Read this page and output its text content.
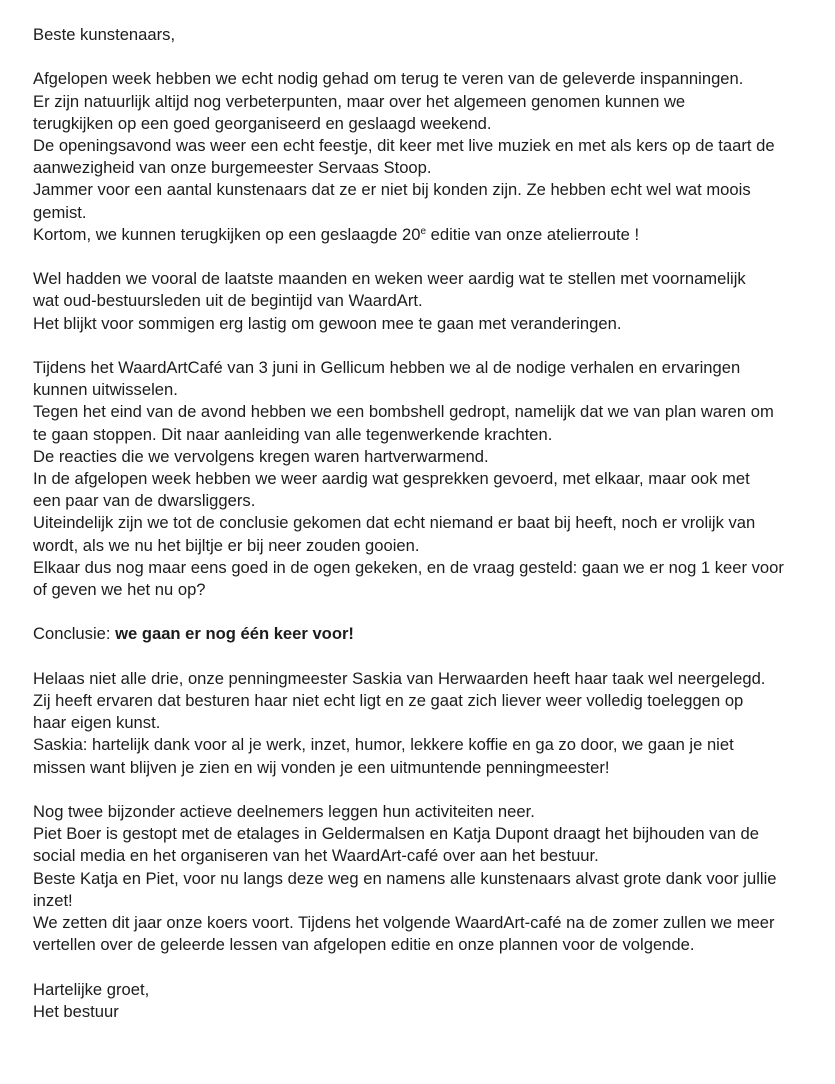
Beste kunstenaars,

Afgelopen week hebben we echt nodig gehad om terug te veren van de geleverde inspanningen.
Er zijn natuurlijk altijd nog verbeterpunten, maar over het algemeen genomen kunnen we
terugkijken op een goed georganiseerd en geslaagd weekend.
De openingsavond was weer een echt feestje, dit keer met live muziek en met als kers op de taart de
aanwezigheid van onze burgemeester Servaas Stoop.
Jammer voor een aantal kunstenaars dat ze er niet bij konden zijn. Ze hebben echt wel wat moois
gemist.
Kortom, we kunnen terugkijken op een geslaagde 20e editie van onze atelierroute !

Wel hadden we vooral de laatste maanden en weken weer aardig wat te stellen met voornamelijk
wat oud-bestuursleden uit de begintijd van WaardArt.
Het blijkt voor sommigen erg lastig om gewoon mee te gaan met veranderingen.

Tijdens het WaardArtCafé van 3 juni in Gellicum hebben we al de nodige verhalen en ervaringen
kunnen uitwisselen.
Tegen het eind van de avond hebben we een bombshell gedropt, namelijk dat we van plan waren om
te gaan stoppen. Dit naar aanleiding van alle tegenwerkende krachten.
De reacties die we vervolgens kregen waren hartverwarmend.
In de afgelopen week hebben we weer aardig wat gesprekken gevoerd, met elkaar, maar ook met
een paar van de dwarsliggers.
Uiteindelijk zijn we tot de conclusie gekomen dat echt niemand er baat bij heeft, noch er vrolijk van
wordt, als we nu het bijltje er bij neer zouden gooien.
Elkaar dus nog maar eens goed in de ogen gekeken, en de vraag gesteld: gaan we er nog 1 keer voor
of geven we het nu op?

Conclusie: we gaan er nog één keer voor!

Helaas niet alle drie, onze penningmeester Saskia van Herwaarden heeft haar taak wel neergelegd.
Zij heeft ervaren dat besturen haar niet echt ligt en ze gaat zich liever weer volledig toeleggen op
haar eigen kunst.
Saskia: hartelijk dank voor al je werk, inzet, humor, lekkere koffie en ga zo door, we gaan je niet
missen want blijven je zien en wij vonden je een uitmuntende penningmeester!

Nog twee bijzonder actieve deelnemers leggen hun activiteiten neer.
Piet Boer is gestopt met de etalages in Geldermalsen en Katja Dupont draagt het bijhouden van de
social media en het organiseren van het WaardArt-café over aan het bestuur.
Beste Katja en Piet, voor nu langs deze weg en namens alle kunstenaars alvast grote dank voor jullie
inzet!
We zetten dit jaar onze koers voort. Tijdens het volgende WaardArt-café na de zomer zullen we meer
vertellen over de geleerde lessen van afgelopen editie en onze plannen voor de volgende.

Hartelijke groet,
Het bestuur
